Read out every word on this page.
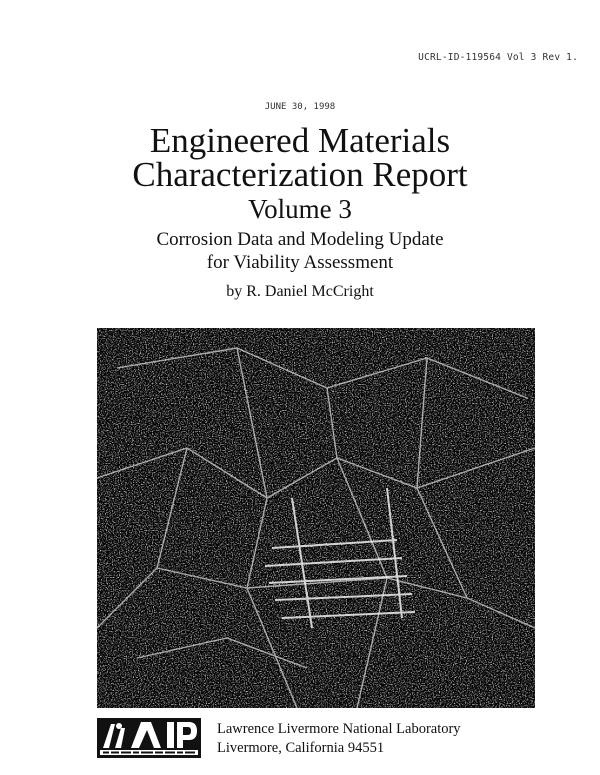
UCRL-ID-119564 Vol 3 Rev 1.
JUNE 30, 1998
Engineered Materials
Characterization Report
Volume 3
Corrosion Data and Modeling Update
for Viability Assessment
by R. Daniel McCright
Lawrence Livermore National Laboratory
Livermore, California 94551
